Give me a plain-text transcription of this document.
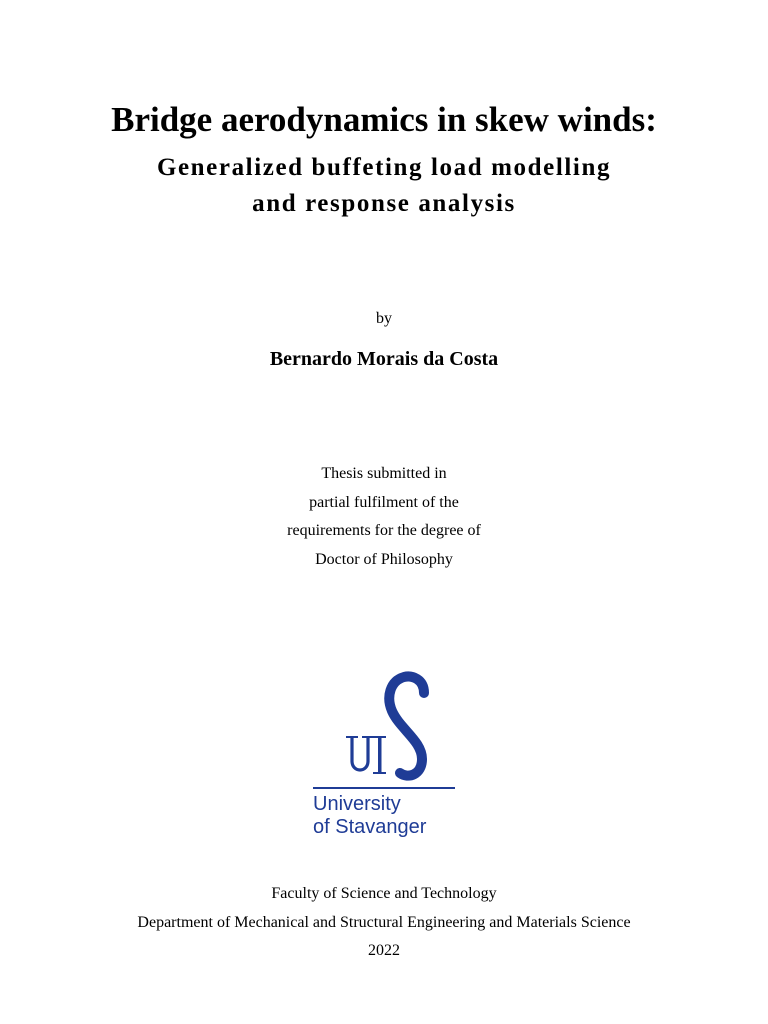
Bridge aerodynamics in skew winds:
Generalized buffeting load modelling
and response analysis
by
Bernardo Morais da Costa
Thesis submitted in
partial fulfilment of the
requirements for the degree of
Doctor of Philosophy
University
of Stavanger
Faculty of Science and Technology
Department of Mechanical and Structural Engineering and Materials Science
2022
